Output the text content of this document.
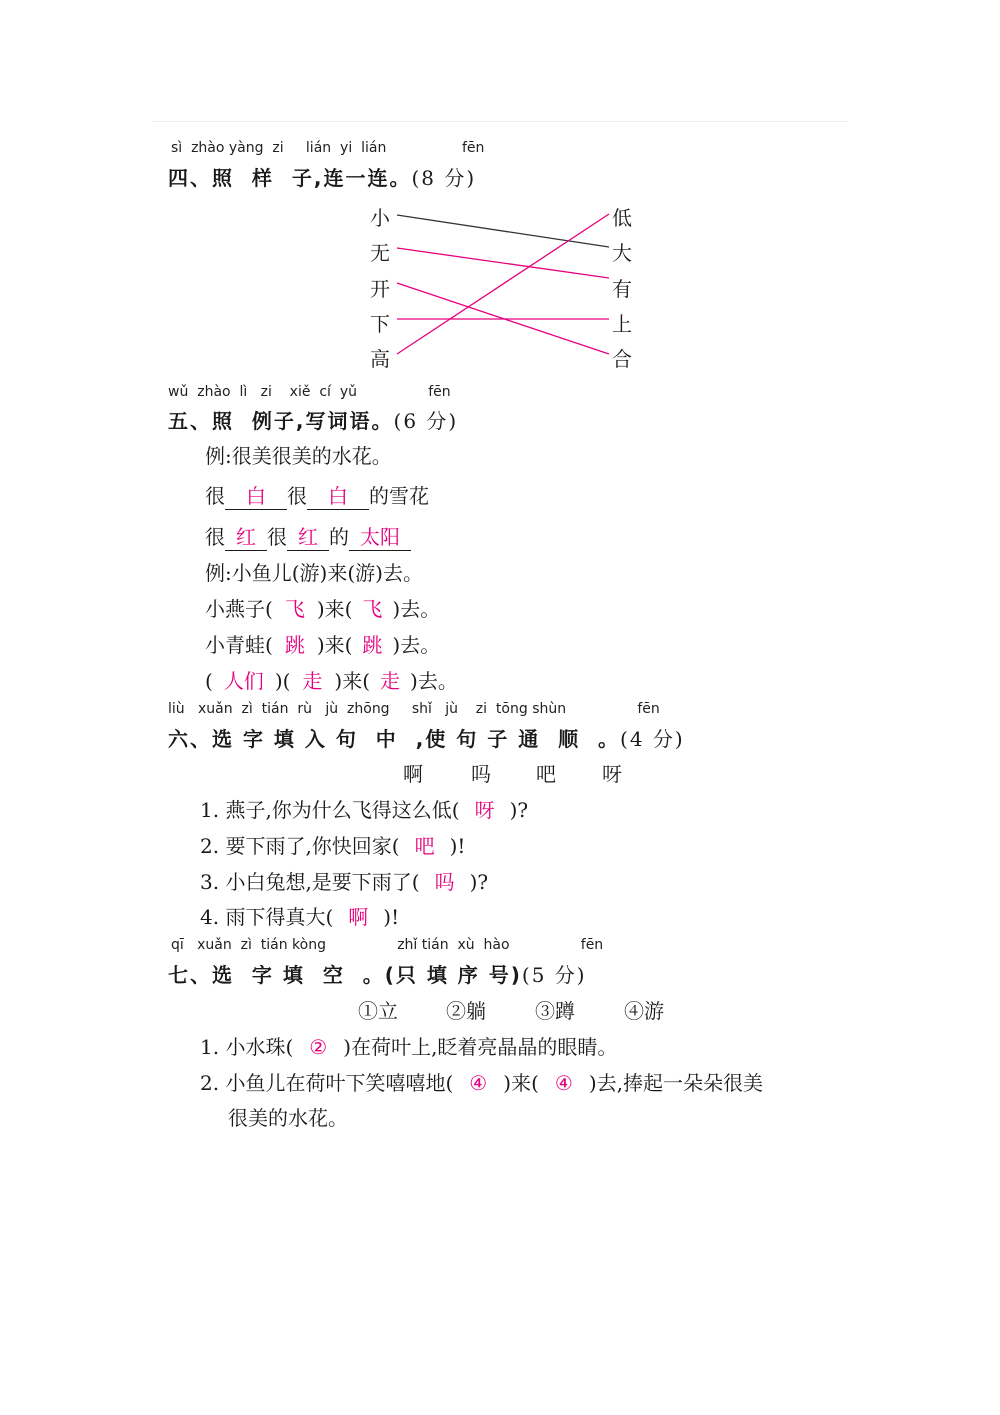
sì  zhào yàng  zi     lián  yi  lián                 fēn
四、照  样  子,连一连。(8 分)
小
无
开
下
高
低
大
有
上
合
wǔ  zhào  lì   zi    xiě  cí  yǔ                fēn
五、照  例子,写词语。(6 分)
例:很美很美的水花。
很 白 很 白 的雪花
很 红 很 红 的 太阳
例:小鱼儿(游)来(游)去。
小燕子( 飞 )来( 飞 )去。
小青蛙( 跳 )来( 跳 )去。
( 人们 )( 走 )来( 走 )去。
liù   xuǎn  zì  tián  rù   jù  zhōng     shǐ   jù    zi  tōng shùn                fēn
六、选 字 填 入 句  中  ,使 句 子 通  顺  。(4 分)
啊 吗 吧 呀
1. 燕子,你为什么飞得这么低( 呀 )?
2. 要下雨了,你快回家( 吧 )!
3. 小白兔想,是要下雨了( 吗 )?
4. 雨下得真大( 啊 )!
qī   xuǎn  zì  tián kòng                zhǐ tián  xù  hào                fēn
七、选  字 填  空  。(只 填 序 号)(5 分)
①立 ②躺 ③蹲 ④游
1. 小水珠( ② )在荷叶上,眨着亮晶晶的眼睛。
2. 小鱼儿在荷叶下笑嘻嘻地( ④ )来( ④ )去,捧起一朵朵很美
很美的水花。
